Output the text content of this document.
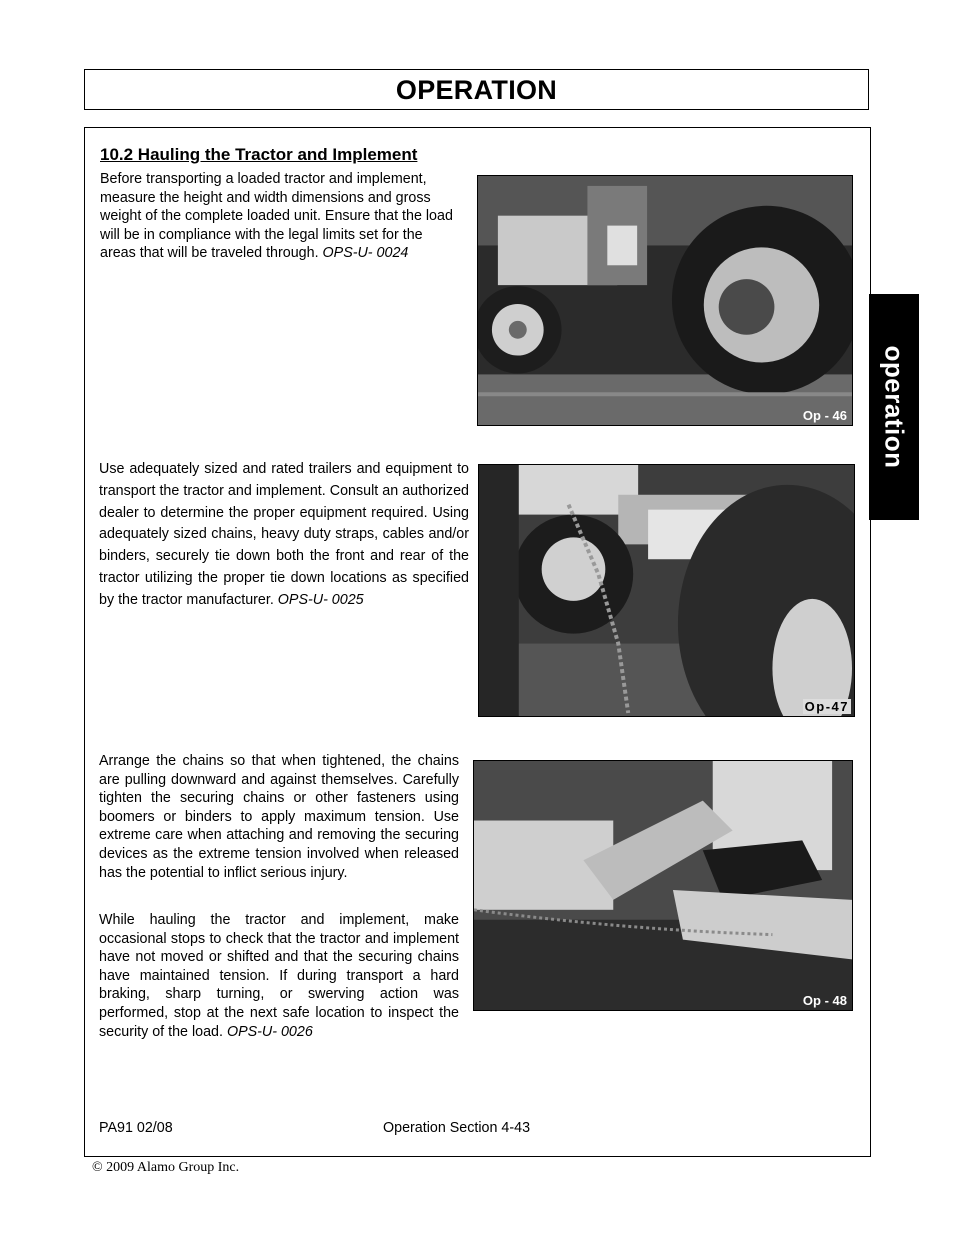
OPERATION
operation
10.2 Hauling the Tractor and Implement

Before transporting a loaded tractor and implement, measure the height and width dimensions and gross weight of the complete loaded unit. Ensure that the load will be in compliance with the legal limits set for the areas that will be traveled through. OPS-U- 0024

Use adequately sized and rated trailers and equipment to transport the tractor and implement. Consult an authorized dealer to determine the proper equipment required. Using adequately sized chains, heavy duty straps, cables and/or binders, securely tie down both the front and rear of the tractor utilizing the proper tie down locations as specified by the tractor manufacturer. OPS-U- 0025

Arrange the chains so that when tightened, the chains are pulling downward and against themselves. Carefully tighten the securing chains or other fasteners using boomers or binders to apply maximum tension. Use extreme care when attaching and removing the securing devices as the extreme tension involved when released has the potential to inflict serious injury.

While hauling the tractor and implement, make occasional stops to check that the tractor and implement have not moved or shifted and that the securing chains have maintained tension. If during transport a hard braking, sharp turning, or swerving action was performed, stop at the next safe location to inspect the security of the load. OPS-U- 0026

Op - 46
Op-47
Op - 48
PA91 02/08	Operation Section 4-43
© 2009 Alamo Group Inc.
